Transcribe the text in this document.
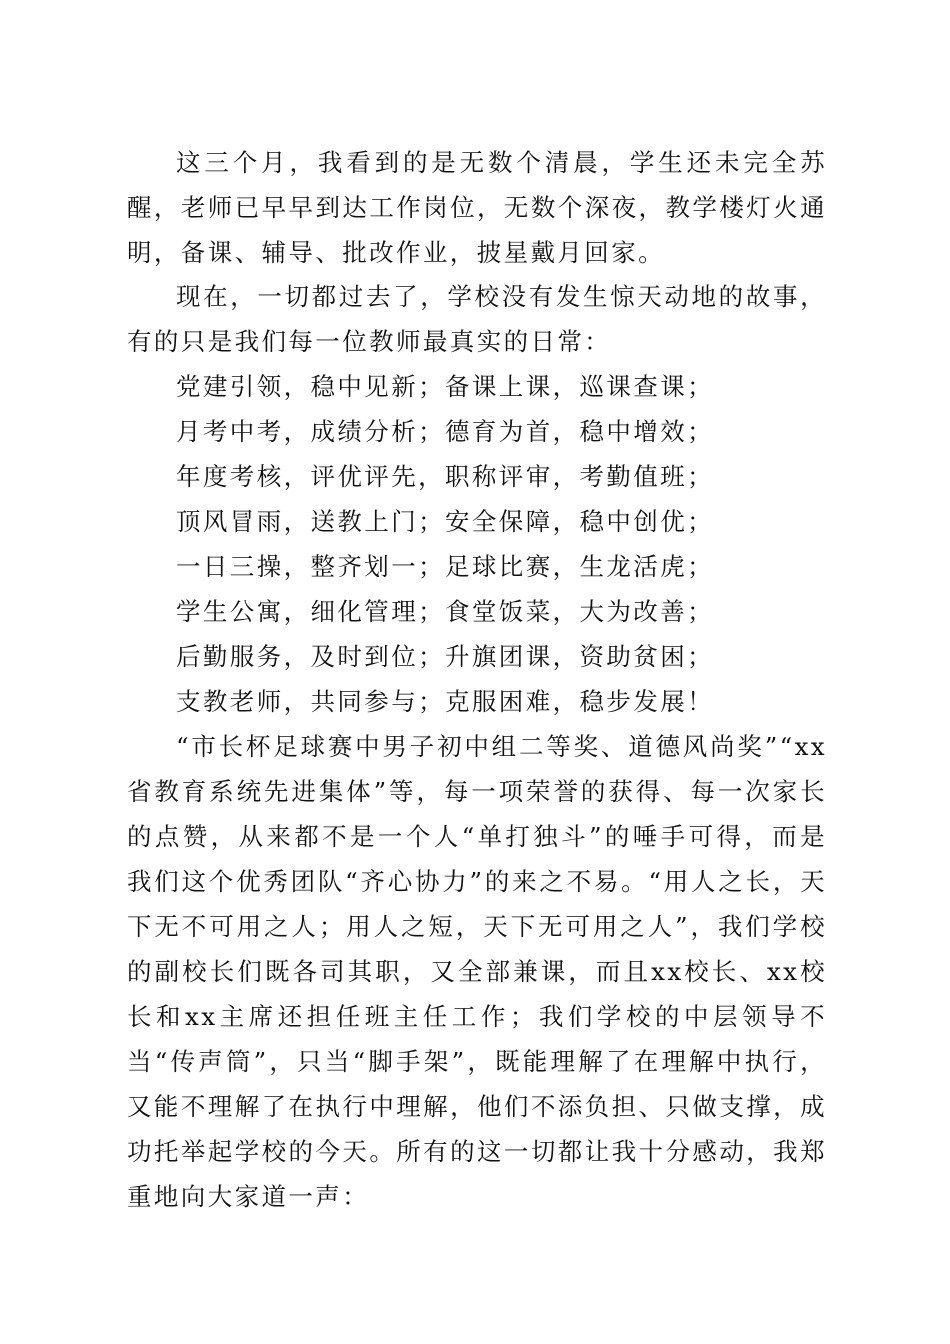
这三个月，我看到的是无数个清晨，学生还未完全苏醒，老师已早早到达工作岗位，无数个深夜，教学楼灯火通明，备课、辅导、批改作业，披星戴月回家。

现在，一切都过去了，学校没有发生惊天动地的故事，有的只是我们每一位教师最真实的日常：

党建引领，稳中见新；备课上课，巡课查课；
月考中考，成绩分析；德育为首，稳中增效；
年度考核，评优评先，职称评审，考勤值班；
顶风冒雨，送教上门；安全保障，稳中创优；
一日三操，整齐划一；足球比赛，生龙活虎；
学生公寓，细化管理；食堂饭菜，大为改善；
后勤服务，及时到位；升旗团课，资助贫困；
支教老师，共同参与；克服困难，稳步发展！

“市长杯足球赛中男子初中组二等奖、道德风尚奖”“xx省教育系统先进集体”等，每一项荣誉的获得、每一次家长的点赞，从来都不是一个人“单打独斗”的唾手可得，而是我们这个优秀团队“齐心协力”的来之不易。“用人之长，天下无不可用之人；用人之短，天下无可用之人”，我们学校的副校长们既各司其职，又全部兼课，而且xx校长、xx校长和xx主席还担任班主任工作；我们学校的中层领导不当“传声筒”，只当“脚手架”，既能理解了在理解中执行，又能不理解了在执行中理解，他们不添负担、只做支撑，成功托举起学校的今天。所有的这一切都让我十分感动，我郑重地向大家道一声：
